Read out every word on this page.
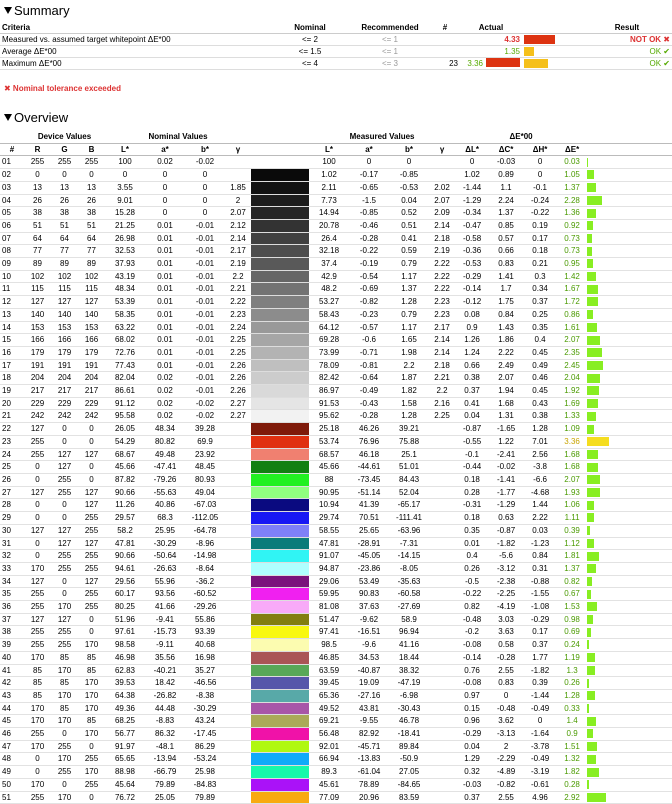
Summary
Criteria	Nominal	Recommended	#	Actual		Result
Measured vs. assumed target whitepoint ΔE*00	<= 2	<= 1		4.33		NOT OK ✖
Average ΔE*00	<= 1.5	<= 1		1.35		OK ✔
Maximum ΔE*00	<= 4	<= 3	23	3.36		OK ✔
✖ Nominal tolerance exceeded
Overview
	Device Values			Nominal Values					Measured Values				ΔE*00				
#	R	G	B	L*	a*	b*	γ		L*	a*	b*	γ	ΔL*	ΔC*	ΔH*	ΔE*	
01	255	255	255	100	0.02	-0.02			100	0	0		0	-0.03	0	0.03	

02	0	0	0	0	0	0			1.02	-0.17	-0.85		1.02	0.89	0	1.05	

03	13	13	13	3.55	0	0	1.85		2.11	-0.65	-0.53	2.02	-1.44	1.1	-0.1	1.37	

04	26	26	26	9.01	0	0	2		7.73	-1.5	0.04	2.07	-1.29	2.24	-0.24	2.28	

05	38	38	38	15.28	0	0	2.07		14.94	-0.85	0.52	2.09	-0.34	1.37	-0.22	1.36	

06	51	51	51	21.25	0.01	-0.01	2.12		20.78	-0.46	0.51	2.14	-0.47	0.85	0.19	0.92	

07	64	64	64	26.98	0.01	-0.01	2.14		26.4	-0.28	0.41	2.18	-0.58	0.57	0.17	0.73	

08	77	77	77	32.53	0.01	-0.01	2.17		32.18	-0.22	0.59	2.19	-0.36	0.66	0.18	0.73	

09	89	89	89	37.93	0.01	-0.01	2.19		37.4	-0.19	0.79	2.22	-0.53	0.83	0.21	0.95	

10	102	102	102	43.19	0.01	-0.01	2.2		42.9	-0.54	1.17	2.22	-0.29	1.41	0.3	1.42	

11	115	115	115	48.34	0.01	-0.01	2.21		48.2	-0.69	1.37	2.22	-0.14	1.7	0.34	1.67	

12	127	127	127	53.39	0.01	-0.01	2.22		53.27	-0.82	1.28	2.23	-0.12	1.75	0.37	1.72	

13	140	140	140	58.35	0.01	-0.01	2.23		58.43	-0.23	0.79	2.23	0.08	0.84	0.25	0.86	

14	153	153	153	63.22	0.01	-0.01	2.24		64.12	-0.57	1.17	2.17	0.9	1.43	0.35	1.61	

15	166	166	166	68.02	0.01	-0.01	2.25		69.28	-0.6	1.65	2.14	1.26	1.86	0.4	2.07	

16	179	179	179	72.76	0.01	-0.01	2.25		73.99	-0.71	1.98	2.14	1.24	2.22	0.45	2.35	

17	191	191	191	77.43	0.01	-0.01	2.26		78.09	-0.81	2.2	2.18	0.66	2.49	0.49	2.45	

18	204	204	204	82.04	0.02	-0.01	2.26		82.42	-0.64	1.87	2.21	0.38	2.07	0.46	2.04	

19	217	217	217	86.61	0.02	-0.01	2.26		86.97	-0.49	1.82	2.2	0.37	1.94	0.45	1.92	

20	229	229	229	91.12	0.02	-0.02	2.27		91.53	-0.43	1.58	2.16	0.41	1.68	0.43	1.69	

21	242	242	242	95.58	0.02	-0.02	2.27		95.62	-0.28	1.28	2.25	0.04	1.31	0.38	1.33	

22	127	0	0	26.05	48.34	39.28			25.18	46.26	39.21		-0.87	-1.65	1.28	1.09	

23	255	0	0	54.29	80.82	69.9			53.74	76.96	75.88		-0.55	1.22	7.01	3.36	

24	255	127	127	68.67	49.48	23.92			68.57	46.18	25.1		-0.1	-2.41	2.56	1.68	

25	0	127	0	45.66	-47.41	48.45			45.66	-44.61	51.01		-0.44	-0.02	-3.8	1.68	

26	0	255	0	87.82	-79.26	80.93			88	-73.45	84.43		0.18	-1.41	-6.6	2.07	

27	127	255	127	90.66	-55.63	49.04			90.95	-51.14	52.04		0.28	-1.77	-4.68	1.93	

28	0	0	127	11.26	40.86	-67.03			10.94	41.39	-65.17		-0.31	-1.29	1.44	1.06	

29	0	0	255	29.57	68.3	-112.05			29.74	70.51	-111.41		0.18	0.63	2.22	1.11	

30	127	127	255	58.2	25.95	-64.78			58.55	25.65	-63.96		0.35	-0.87	0.03	0.39	

31	0	127	127	47.81	-30.29	-8.96			47.81	-28.91	-7.31		0.01	-1.82	-1.23	1.12	

32	0	255	255	90.66	-50.64	-14.98			91.07	-45.05	-14.15		0.4	-5.6	0.84	1.81	

33	170	255	255	94.61	-26.63	-8.64			94.87	-23.86	-8.05		0.26	-3.12	0.31	1.37	

34	127	0	127	29.56	55.96	-36.2			29.06	53.49	-35.63		-0.5	-2.38	-0.88	0.82	

35	255	0	255	60.17	93.56	-60.52			59.95	90.83	-60.58		-0.22	-2.25	-1.55	0.67	

36	255	170	255	80.25	41.66	-29.26			81.08	37.63	-27.69		0.82	-4.19	-1.08	1.53	

37	127	127	0	51.96	-9.41	55.86			51.47	-9.62	58.9		-0.48	3.03	-0.29	0.98	

38	255	255	0	97.61	-15.73	93.39			97.41	-16.51	96.94		-0.2	3.63	0.17	0.69	

39	255	255	170	98.58	-9.11	40.68			98.5	-9.6	41.16		-0.08	0.58	0.37	0.24	

40	170	85	85	46.98	35.56	16.98			46.85	34.53	18.44		-0.14	-0.28	1.77	1.19	

41	85	170	85	62.83	-40.21	35.27			63.59	-40.87	38.32		0.76	2.55	-1.82	1.3	

42	85	85	170	39.53	18.42	-46.56			39.45	19.09	-47.19		-0.08	0.83	0.39	0.26	

43	85	170	170	64.38	-26.82	-8.38			65.36	-27.16	-6.98		0.97	0	-1.44	1.28	

44	170	85	170	49.36	44.48	-30.29			49.52	43.81	-30.43		0.15	-0.48	-0.49	0.33	

45	170	170	85	68.25	-8.83	43.24			69.21	-9.55	46.78		0.96	3.62	0	1.4	

46	255	0	170	56.77	86.32	-17.45			56.48	82.92	-18.41		-0.29	-3.13	-1.64	0.9	

47	170	255	0	91.97	-48.1	86.29			92.01	-45.71	89.84		0.04	2	-3.78	1.51	

48	0	170	255	65.65	-13.94	-53.24			66.94	-13.83	-50.9		1.29	-2.29	-0.49	1.32	

49	0	255	170	88.98	-66.79	25.98			89.3	-61.04	27.05		0.32	-4.89	-3.19	1.82	

50	170	0	255	45.64	79.89	-84.83			45.61	78.89	-84.65		-0.03	-0.82	-0.61	0.28	

51	255	170	0	76.72	25.05	79.89			77.09	20.96	83.59		0.37	2.55	4.96	2.92	
